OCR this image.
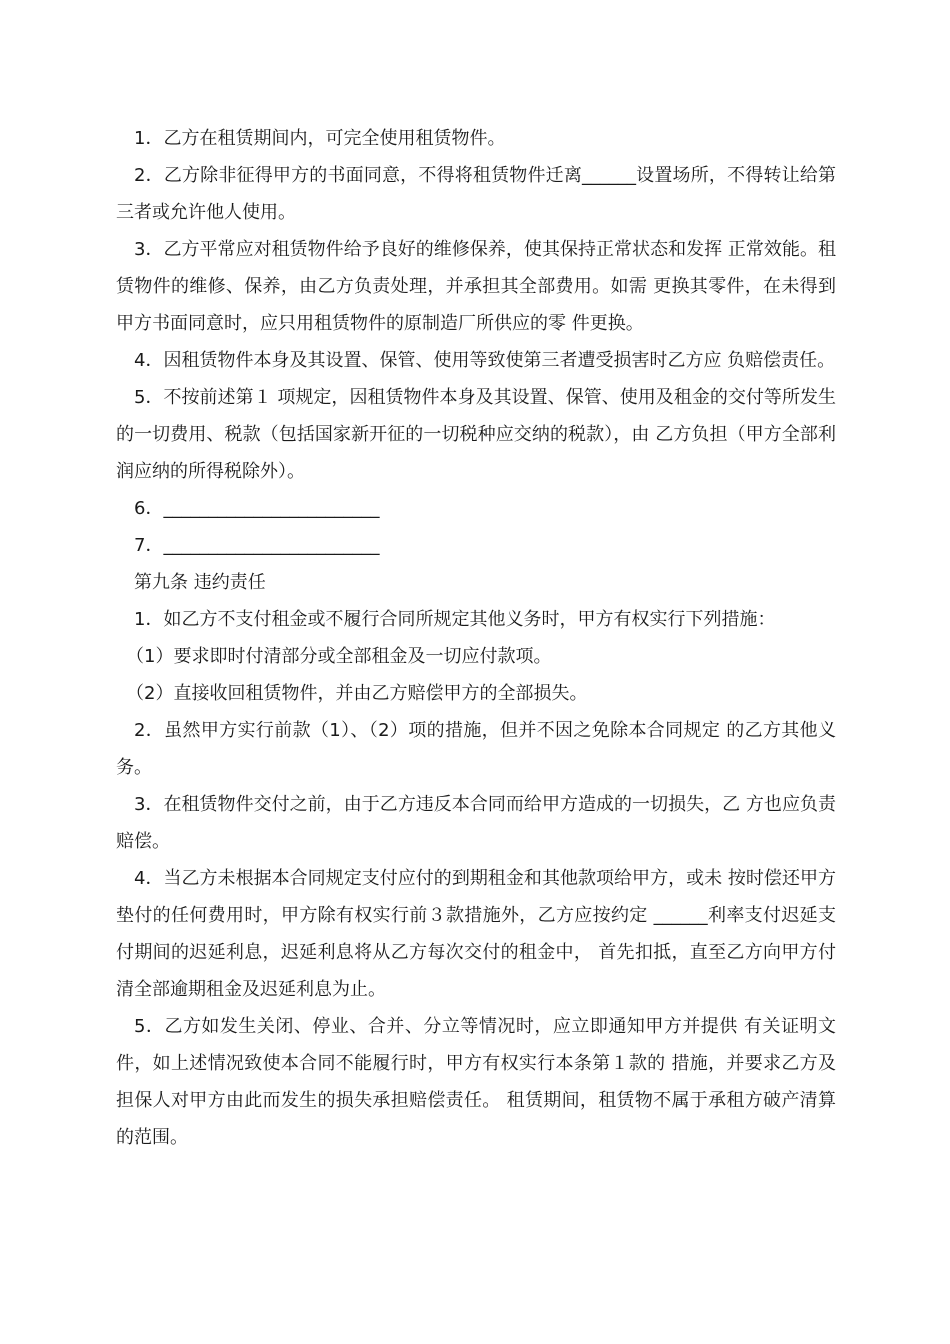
1．乙方在租赁期间内，可完全使用租赁物件。

2．乙方除非征得甲方的书面同意，不得将租赁物件迁离______设置场所，不得转让给第三者或允许他人使用。

3．乙方平常应对租赁物件给予良好的维修保养，使其保持正常状态和发挥 正常效能。租赁物件的维修、保养，由乙方负责处理，并承担其全部费用。如需 更换其零件，在未得到甲方书面同意时，应只用租赁物件的原制造厂所供应的零 件更换。

4．因租赁物件本身及其设置、保管、使用等致使第三者遭受损害时乙方应 负赔偿责任。

5．不按前述第１ 项规定，因租赁物件本身及其设置、保管、使用及租金的交付等所发生的一切费用、税款（包括国家新开征的一切税种应交纳的税款），由 乙方负担（甲方全部利润应纳的所得税除外）。

6．________________________

7．________________________

第九条 违约责任

1．如乙方不支付租金或不履行合同所规定其他义务时，甲方有权实行下列措施：

（1）要求即时付清部分或全部租金及一切应付款项。

（2）直接收回租赁物件，并由乙方赔偿甲方的全部损失。

2．虽然甲方实行前款（1）、（2）项的措施，但并不因之免除本合同规定 的乙方其他义务。

3．在租赁物件交付之前，由于乙方违反本合同而给甲方造成的一切损失，乙 方也应负责赔偿。

4．当乙方未根据本合同规定支付应付的到期租金和其他款项给甲方，或未 按时偿还甲方垫付的任何费用时，甲方除有权实行前３款措施外，乙方应按约定 ______利率支付迟延支付期间的迟延利息，迟延利息将从乙方每次交付的租金中， 首先扣抵，直至乙方向甲方付清全部逾期租金及迟延利息为止。

5．乙方如发生关闭、停业、合并、分立等情况时，应立即通知甲方并提供 有关证明文件，如上述情况致使本合同不能履行时，甲方有权实行本条第１款的 措施，并要求乙方及担保人对甲方由此而发生的损失承担赔偿责任。 租赁期间，租赁物不属于承租方破产清算的范围。
